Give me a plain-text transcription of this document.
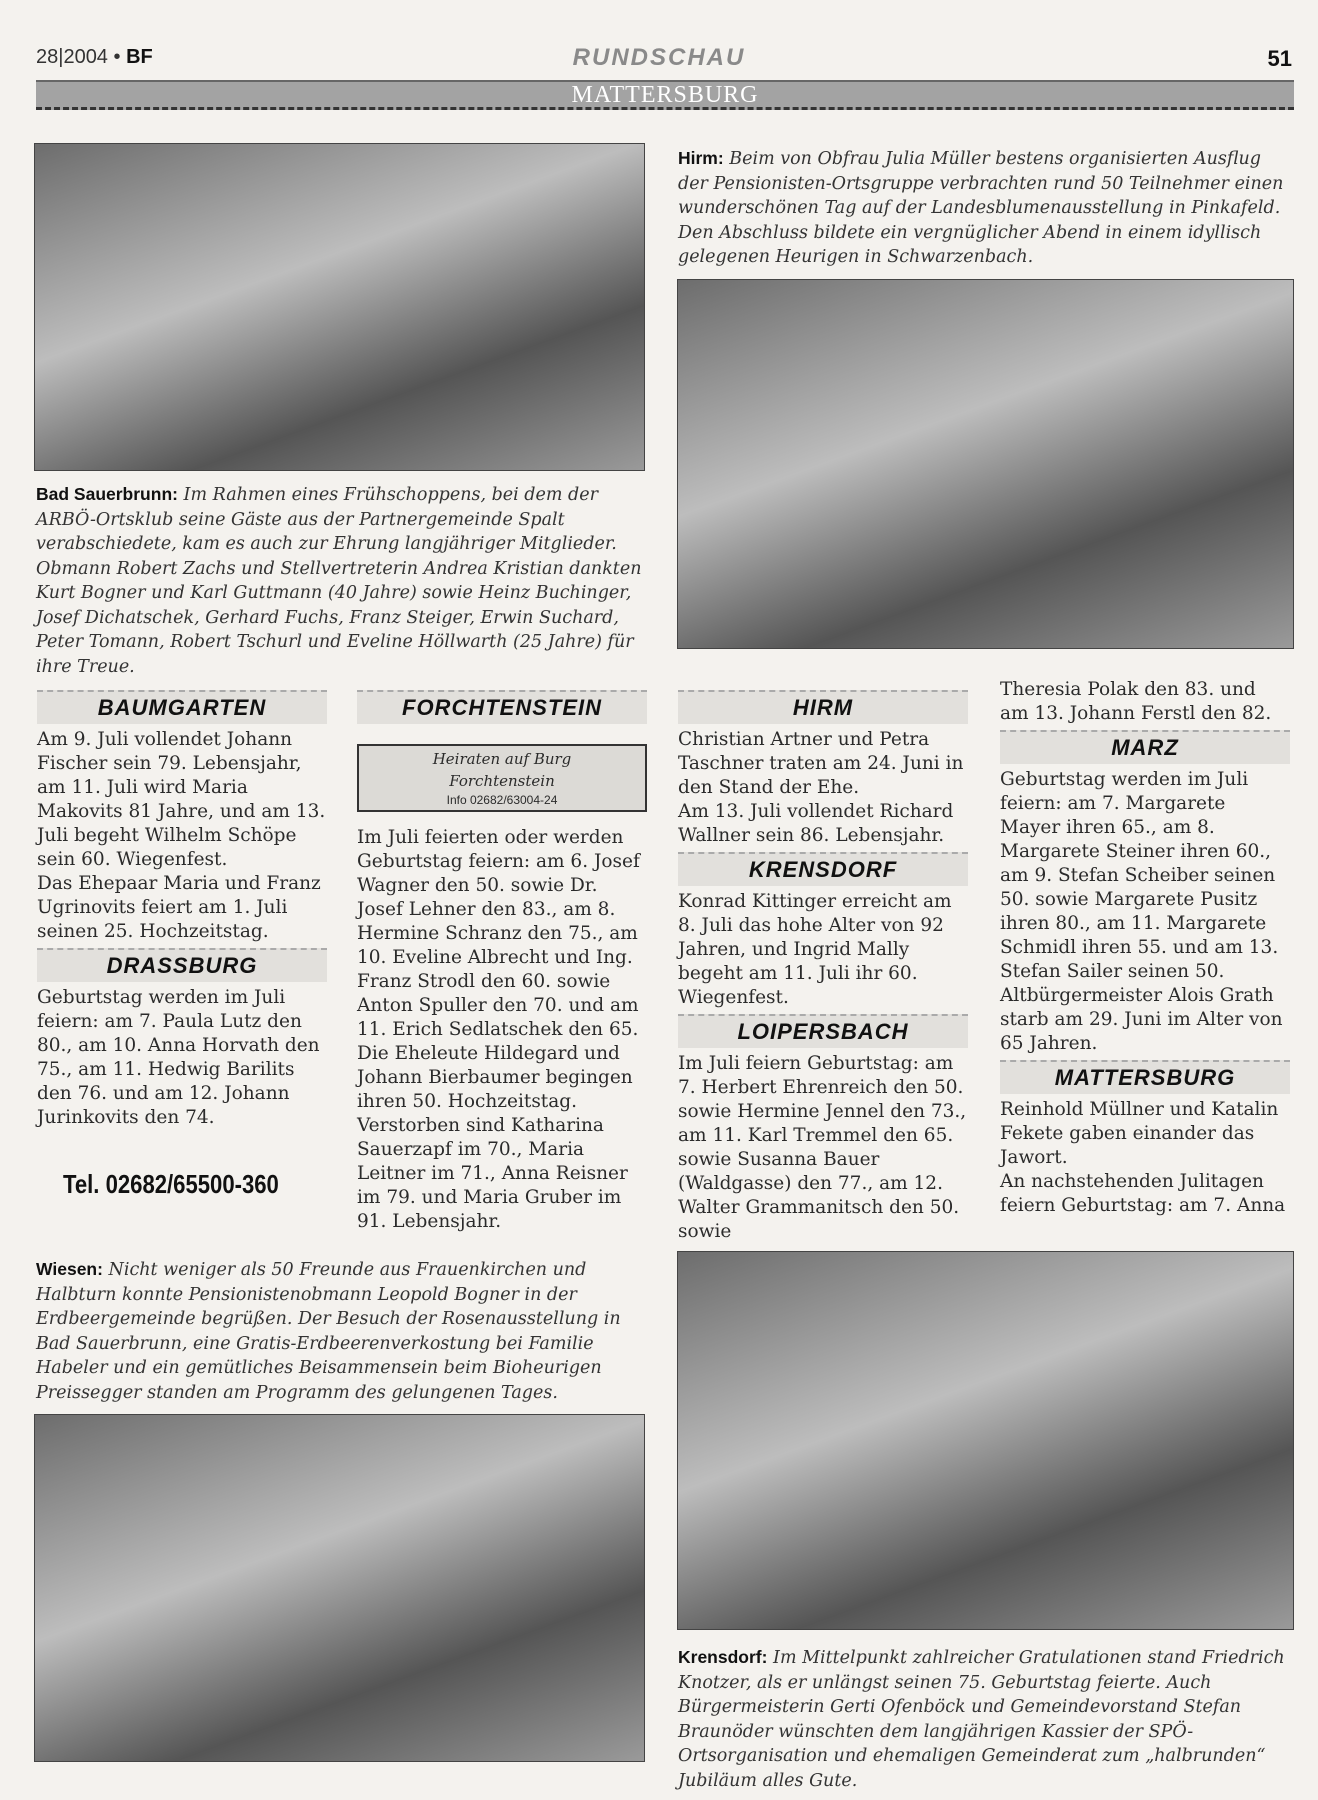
28|2004 • BF	RUNDSCHAU	51
MATTERSBURG
Bad Sauerbrunn: Im Rahmen eines Frühschoppens, bei dem der ARBÖ-Ortsklub seine Gäste aus der Partnergemeinde Spalt verabschiedete, kam es auch zur Ehrung langjähriger Mitglieder. Obmann Robert Zachs und Stellvertreterin Andrea Kristian dankten Kurt Bogner und Karl Guttmann (40 Jahre) sowie Heinz Buchinger, Josef Dichatschek, Gerhard Fuchs, Franz Steiger, Erwin Suchard, Peter Tomann, Robert Tschurl und Eveline Höllwarth (25 Jahre) für ihre Treue.
Hirm: Beim von Obfrau Julia Müller bestens organisierten Ausflug der Pensionisten-Ortsgruppe verbrachten rund 50 Teilnehmer einen wunderschönen Tag auf der Landesblumenausstellung in Pinkafeld. Den Abschluss bildete ein vergnüglicher Abend in einem idyllisch gelegenen Heurigen in Schwarzenbach.
BAUMGARTEN

Am 9. Juli vollendet Johann Fischer sein 79. Lebensjahr, am 11. Juli wird Maria Makovits 81 Jahre, und am 13. Juli begeht Wilhelm Schöpe sein 60. Wiegenfest.

Das Ehepaar Maria und Franz Ugrinovits feiert am 1. Juli seinen 25. Hochzeitstag.

DRASSBURG

Geburtstag werden im Juli feiern: am 7. Paula Lutz den 80., am 10. Anna Horvath den 75., am 11. Hedwig Barilits den 76. und am 12. Johann Jurinkovits den 74.

Tel. 02682/65500-360
FORCHTENSTEIN
Heiraten auf Burg
Forchtenstein
Info 02682/63004-24

Im Juli feierten oder werden Geburtstag feiern: am 6. Josef Wagner den 50. sowie Dr. Josef Lehner den 83., am 8. Hermine Schranz den 75., am 10. Eveline Albrecht und Ing. Franz Strodl den 60. sowie Anton Spuller den 70. und am 11. Erich Sedlatschek den 65.

Die Eheleute Hildegard und Johann Bierbaumer begingen ihren 50. Hochzeitstag.

Verstorben sind Katharina Sauerzapf im 70., Maria Leitner im 71., Anna Reisner im 79. und Maria Gruber im 91. Lebensjahr.

HIRM

Christian Artner und Petra Taschner traten am 24. Juni in den Stand der Ehe.

Am 13. Juli vollendet Richard Wallner sein 86. Lebensjahr.

KRENSDORF

Konrad Kittinger erreicht am 8. Juli das hohe Alter von 92 Jahren, und Ingrid Mally begeht am 11. Juli ihr 60. Wiegenfest.

LOIPERSBACH

Im Juli feiern Geburtstag: am 7. Herbert Ehrenreich den 50. sowie Hermine Jennel den 73., am 11. Karl Tremmel den 65. sowie Susanna Bauer (Waldgasse) den 77., am 12. Walter Grammanitsch den 50. sowie

Theresia Polak den 83. und am 13. Johann Ferstl den 82.

MARZ

Geburtstag werden im Juli feiern: am 7. Margarete Mayer ihren 65., am 8. Margarete Steiner ihren 60., am 9. Stefan Scheiber seinen 50. sowie Margarete Pusitz ihren 80., am 11. Margarete Schmidl ihren 55. und am 13. Stefan Sailer seinen 50.

Altbürgermeister Alois Grath starb am 29. Juni im Alter von 65 Jahren.

MATTERSBURG

Reinhold Müllner und Katalin Fekete gaben einander das Jawort.

An nachstehenden Julitagen feiern Geburtstag: am 7. Anna

Wiesen: Nicht weniger als 50 Freunde aus Frauenkirchen und Halbturn konnte Pensionistenobmann Leopold Bogner in der Erdbeergemeinde begrüßen. Der Besuch der Rosenausstellung in Bad Sauerbrunn, eine Gratis-Erdbeerenverkostung bei Familie Habeler und ein gemütliches Beisammensein beim Bioheurigen Preissegger standen am Programm des gelungenen Tages.
Krensdorf: Im Mittelpunkt zahlreicher Gratulationen stand Friedrich Knotzer, als er unlängst seinen 75. Geburtstag feierte. Auch Bürgermeisterin Gerti Ofenböck und Gemeindevorstand Stefan Braunöder wünschten dem langjährigen Kassier der SPÖ-Ortsorganisation und ehemaligen Gemeinderat zum „halbrunden“ Jubiläum alles Gute.
